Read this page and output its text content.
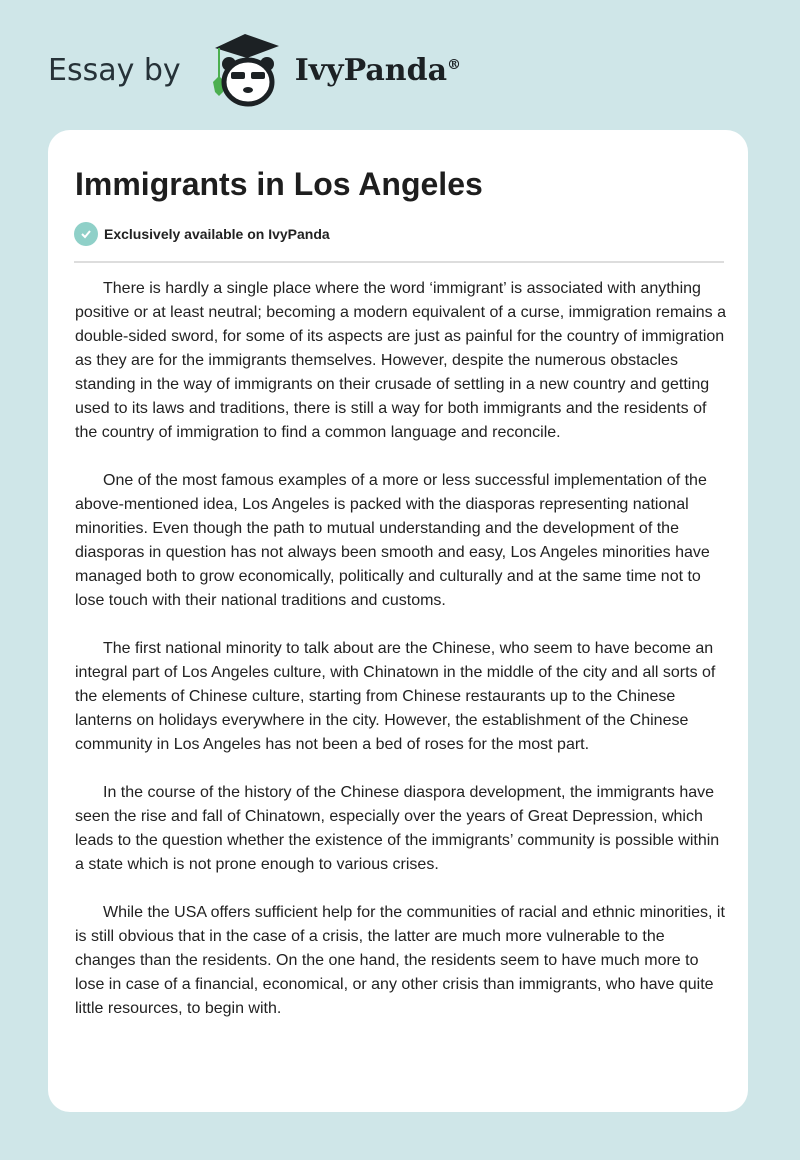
Essay by	IvyPanda®
Immigrants in Los Angeles
Exclusively available on IvyPanda

There is hardly a single place where the word ‘immigrant’ is associated with anything positive or at least neutral; becoming a modern equivalent of a curse, immigration remains a double-sided sword, for some of its aspects are just as painful for the country of immigration as they are for the immigrants themselves. However, despite the numerous obstacles standing in the way of immigrants on their crusade of settling in a new country and getting used to its laws and traditions, there is still a way for both immigrants and the residents of the country of immigration to find a common language and reconcile.

One of the most famous examples of a more or less successful implementation of the above-mentioned idea, Los Angeles is packed with the diasporas representing national minorities. Even though the path to mutual understanding and the development of the diasporas in question has not always been smooth and easy, Los Angeles minorities have managed both to grow economically, politically and culturally and at the same time not to lose touch with their national traditions and customs.

The first national minority to talk about are the Chinese, who seem to have become an integral part of Los Angeles culture, with Chinatown in the middle of the city and all sorts of the elements of Chinese culture, starting from Chinese restaurants up to the Chinese lanterns on holidays everywhere in the city. However, the establishment of the Chinese community in Los Angeles has not been a bed of roses for the most part.

In the course of the history of the Chinese diaspora development, the immigrants have seen the rise and fall of Chinatown, especially over the years of Great Depression, which leads to the question whether the existence of the immigrants’ community is possible within a state which is not prone enough to various crises.

While the USA offers sufficient help for the communities of racial and ethnic minorities, it is still obvious that in the case of a crisis, the latter are much more vulnerable to the changes than the residents. On the one hand, the residents seem to have much more to lose in case of a financial, economical, or any other crisis than immigrants, who have quite little resources, to begin with.
